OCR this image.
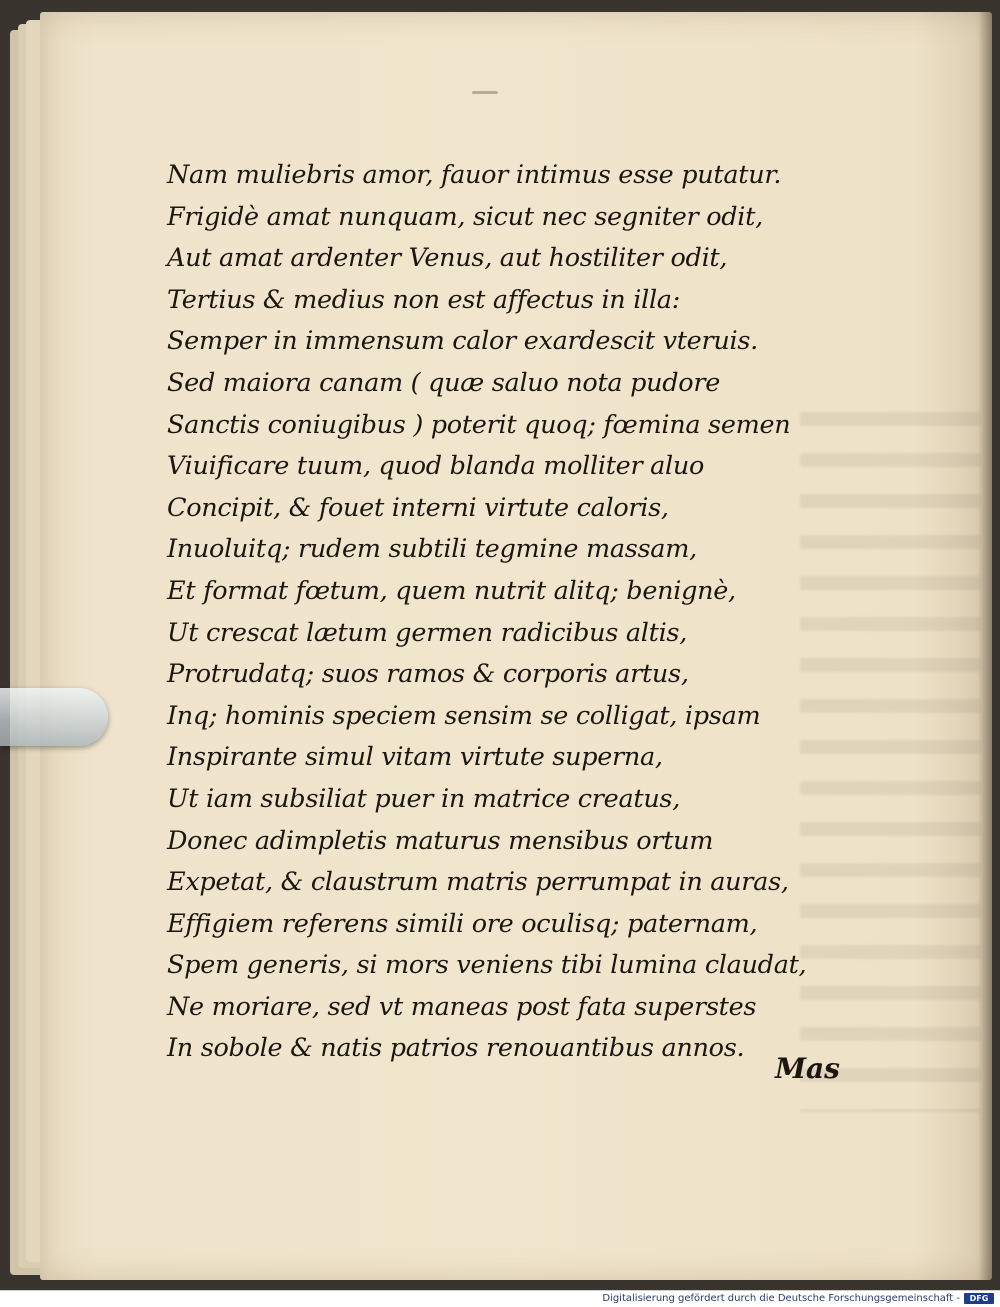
Nam muliebris amor, fauor intimus esse putatur.
Frigidè amat nunquam, sicut nec segniter odit,
Aut amat ardenter Venus, aut hostiliter odit,
Tertius & medius non est affectus in illa:
Semper in immensum calor exardescit vteruis.
Sed maiora canam ( quæ saluo nota pudore
Sanctis coniugibus ) poterit quoq; fœmina semen
Viuificare tuum, quod blanda molliter aluo
Concipit, & fouet interni virtute caloris,
Inuoluitq; rudem subtili tegmine massam,
Et format fœtum, quem nutrit alitq; benignè,
Ut crescat lætum germen radicibus altis,
Protrudatq; suos ramos & corporis artus,
Inq; hominis speciem sensim se colligat, ipsam
Inspirante simul vitam virtute superna,
Ut iam subsiliat puer in matrice creatus,
Donec adimpletis maturus mensibus ortum
Expetat, & claustrum matris perrumpat in auras,
Effigiem referens simili ore oculisq; paternam,
Spem generis, si mors veniens tibi lumina claudat,
Ne moriare, sed vt maneas post fata superstes
In sobole & natis patrios renouantibus annos.
Mas
Digitalisierung gefördert durch die Deutsche Forschungsgemeinschaft -	DFG
